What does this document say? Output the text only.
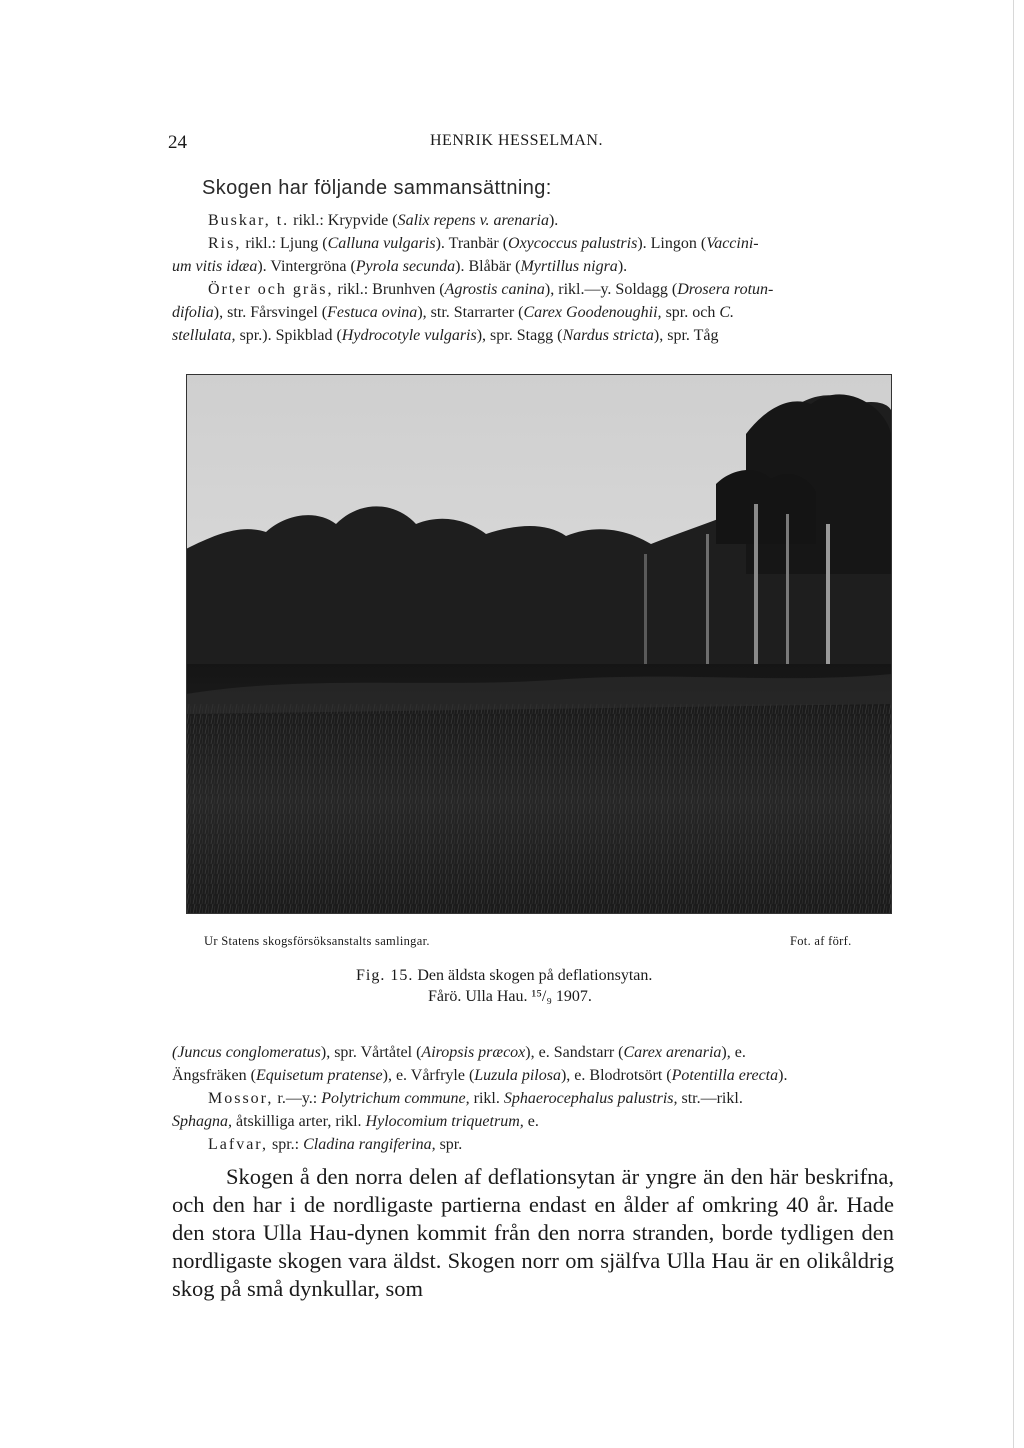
24	HENRIK HESSELMAN.
Skogen har följande sammansättning:

Buskar, t. rikl.: Krypvide (Salix repens v. arenaria).

Ris, rikl.: Ljung (Calluna vulgaris). Tranbär (Oxycoccus palustris). Lingon (Vaccini-

um vitis idæa). Vintergröna (Pyrola secunda). Blåbär (Myrtillus nigra).

Örter och gräs, rikl.: Brunhven (Agrostis canina), rikl.—y. Soldagg (Drosera rotun-

difolia), str. Fårsvingel (Festuca ovina), str. Starrarter (Carex Goodenoughii, spr. och C.

stellulata, spr.). Spikblad (Hydrocotyle vulgaris), spr. Stagg (Nardus stricta), spr. Tåg

Ur Statens skogsförsöksanstalts samlingar.	Fot. af förf.
Fig. 15. Den äldsta skogen på deflationsytan.
Fårö. Ulla Hau. ¹⁵/₉ 1907.

(Juncus conglomeratus), spr. Vårtåtel (Airopsis præcox), e. Sandstarr (Carex arenaria), e.

Ängsfräken (Equisetum pratense), e. Vårfryle (Luzula pilosa), e. Blodrotsört (Potentilla erecta).

Mossor, r.—y.: Polytrichum commune, rikl. Sphaerocephalus palustris, str.—rikl.

Sphagna, åtskilliga arter, rikl. Hylocomium triquetrum, e.

Lafvar, spr.: Cladina rangiferina, spr.

Skogen å den norra delen af deflationsytan är yngre än den här beskrifna, och den har i de nordligaste partierna endast en ålder af omkring 40 år. Hade den stora Ulla Hau-dynen kommit från den norra stranden, borde tydligen den nordligaste skogen vara äldst. Skogen norr om själfva Ulla Hau är en olikåldrig skog på små dynkullar, som
